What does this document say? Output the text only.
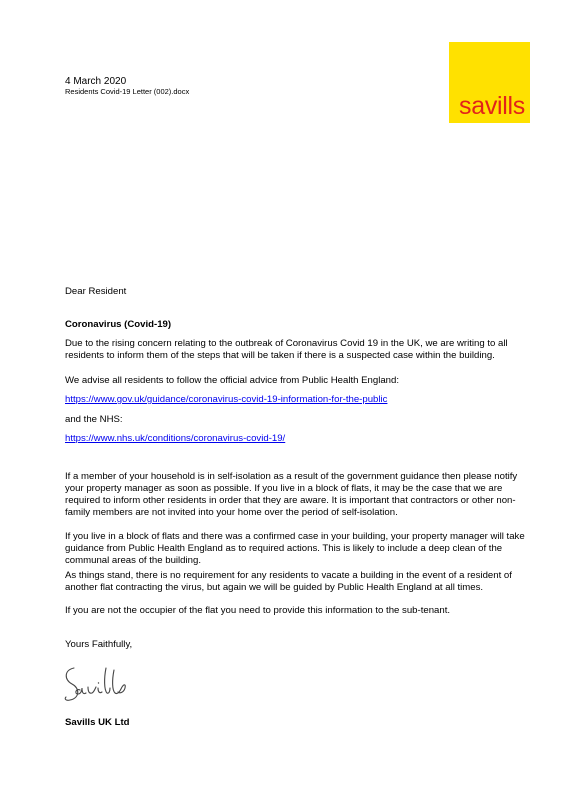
savills
4 March 2020
Residents Covid-19 Letter (002).docx

Dear Resident

Coronavirus (Covid-19)

Due to the rising concern relating to the outbreak of Coronavirus Covid 19 in the UK, we are writing to all residents to inform them of the steps that will be taken if there is a suspected case within the building.

We advise all residents to follow the official advice from Public Health England:

https://www.gov.uk/guidance/coronavirus-covid-19-information-for-the-public

and the NHS:

https://www.nhs.uk/conditions/coronavirus-covid-19/

If a member of your household is in self-isolation as a result of the government guidance then please notify your property manager as soon as possible. If you live in a block of flats, it may be the case that we are required to inform other residents in order that they are aware. It is important that contractors or other non-family members are not invited into your home over the period of self-isolation.

If you live in a block of flats and there was a confirmed case in your building, your property manager will take guidance from Public Health England as to required actions. This is likely to include a deep clean of the communal areas of the building.

As things stand, there is no requirement for any residents to vacate a building in the event of a resident of another flat contracting the virus, but again we will be guided by Public Health England at all times.

If you are not the occupier of the flat you need to provide this information to the sub-tenant.

Yours Faithfully,

Savills UK Ltd
